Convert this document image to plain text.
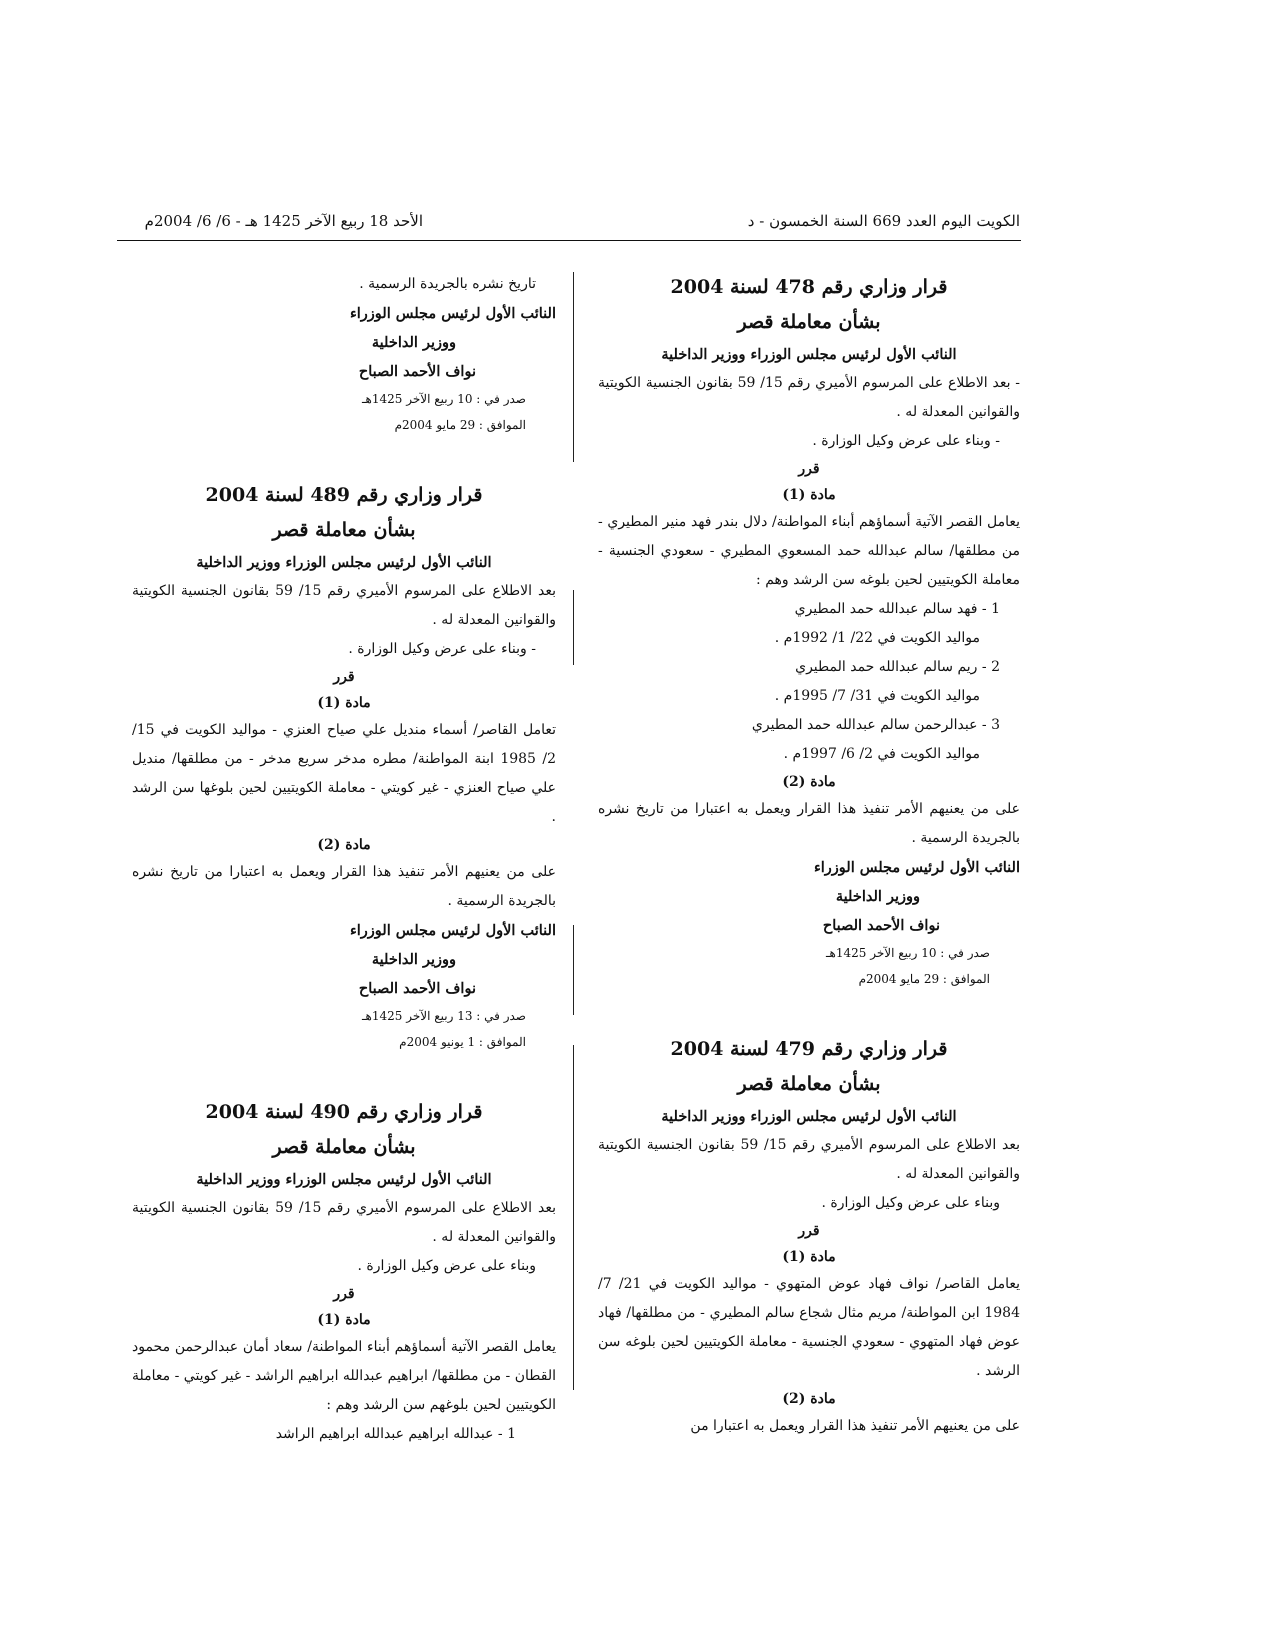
الكويت اليوم العدد 669 السنة الخمسون - د
الأحد 18 ربيع الآخر 1425 هـ - 6/ 6/ 2004م
قرار وزاري رقم 478 لسنة 2004
بشأن معاملة قصر
النائب الأول لرئيس مجلس الوزراء ووزير الداخلية
- بعد الاطلاع على المرسوم الأميري رقم 15/ 59 بقانون الجنسية الكويتية والقوانين المعدلة له .
- وبناء على عرض وكيل الوزارة .
قرر
مادة (1)
يعامل القصر الآتية أسماؤهم أبناء المواطنة/ دلال بندر فهد منير المطيري - من مطلقها/ سالم عبدالله حمد المسعوي المطيري - سعودي الجنسية - معاملة الكويتيين لحين بلوغه سن الرشد وهم :
1 - فهد سالم عبدالله حمد المطيري
مواليد الكويت في 22/ 1/ 1992م .
2 - ريم سالم عبدالله حمد المطيري
مواليد الكويت في 31/ 7/ 1995م .
3 - عبدالرحمن سالم عبدالله حمد المطيري
مواليد الكويت في 2/ 6/ 1997م .
مادة (2)
على من يعنيهم الأمر تنفيذ هذا القرار ويعمل به اعتبارا من تاريخ نشره بالجريدة الرسمية .
النائب الأول لرئيس مجلس الوزراء
ووزير الداخلية
نواف الأحمد الصباح
صدر في : 10 ربيع الآخر 1425هـ
الموافق : 29 مايو 2004م
قرار وزاري رقم 479 لسنة 2004
بشأن معاملة قصر
النائب الأول لرئيس مجلس الوزراء ووزير الداخلية
بعد الاطلاع على المرسوم الأميري رقم 15/ 59 بقانون الجنسية الكويتية والقوانين المعدلة له .
وبناء على عرض وكيل الوزارة .
قرر
مادة (1)
يعامل القاصر/ نواف فهاد عوض المتهوي - مواليد الكويت في 21/ 7/ 1984 ابن المواطنة/ مريم مثال شجاع سالم المطيري - من مطلقها/ فهاد عوض فهاد المتهوي - سعودي الجنسية - معاملة الكويتيين لحين بلوغه سن الرشد .
مادة (2)
على من يعنيهم الأمر تنفيذ هذا القرار ويعمل به اعتبارا من
تاريخ نشره بالجريدة الرسمية .
النائب الأول لرئيس مجلس الوزراء
ووزير الداخلية
نواف الأحمد الصباح
صدر في : 10 ربيع الآخر 1425هـ
الموافق : 29 مايو 2004م
قرار وزاري رقم 489 لسنة 2004
بشأن معاملة قصر
النائب الأول لرئيس مجلس الوزراء ووزير الداخلية
بعد الاطلاع على المرسوم الأميري رقم 15/ 59 بقانون الجنسية الكويتية والقوانين المعدلة له .
- وبناء على عرض وكيل الوزارة .
قرر
مادة (1)
تعامل القاصر/ أسماء مندیل علي صياح العنزي - مواليد الكويت في 15/ 2/ 1985 ابنة المواطنة/ مطره مدخر سريع مدخر - من مطلقها/ مندیل علي صياح العنزي - غير كويتي - معاملة الكويتيين لحين بلوغها سن الرشد .
مادة (2)
على من يعنيهم الأمر تنفيذ هذا القرار ويعمل به اعتبارا من تاريخ نشره بالجريدة الرسمية .
النائب الأول لرئيس مجلس الوزراء
ووزير الداخلية
نواف الأحمد الصباح
صدر في : 13 ربيع الآخر 1425هـ
الموافق : 1 يونيو 2004م
قرار وزاري رقم 490 لسنة 2004
بشأن معاملة قصر
النائب الأول لرئيس مجلس الوزراء ووزير الداخلية
بعد الاطلاع على المرسوم الأميري رقم 15/ 59 بقانون الجنسية الكويتية والقوانين المعدلة له .
وبناء على عرض وكيل الوزارة .
قرر
مادة (1)
يعامل القصر الآتية أسماؤهم أبناء المواطنة/ سعاد أمان عبدالرحمن محمود القطان - من مطلقها/ ابراهيم عبدالله ابراهيم الراشد - غير كويتي - معاملة الكويتيين لحين بلوغهم سن الرشد وهم :
1 - عبدالله ابراهيم عبدالله ابراهيم الراشد
